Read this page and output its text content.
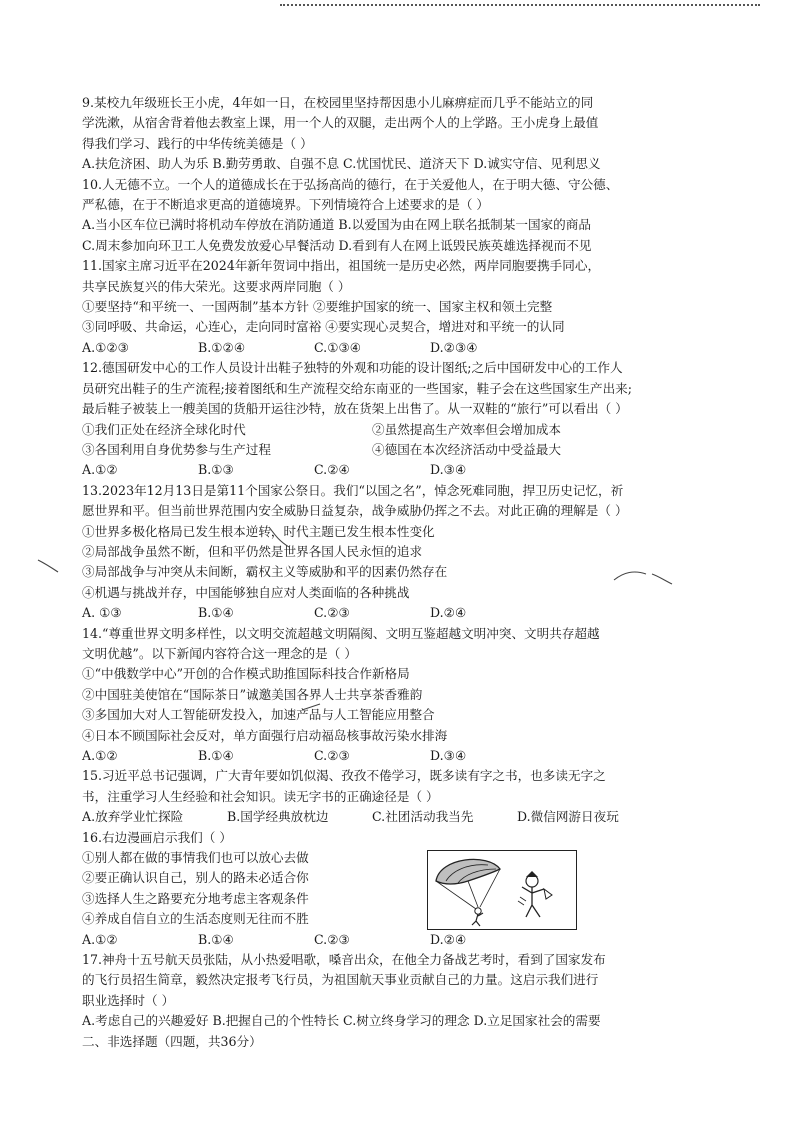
9.某校九年级班长王小虎，4年如一日，在校园里坚持帮因患小儿麻痹症而几乎不能站立的同
学洗漱，从宿舍背着他去教室上课，用一个人的双腿，走出两个人的上学路。王小虎身上最值
得我们学习、践行的中华传统美德是（ ）
A.扶危济困、助人为乐 B.勤劳勇敢、自强不息 C.忧国忧民、道济天下 D.诚实守信、见利思义
10.人无德不立。一个人的道德成长在于弘扬高尚的德行，在于关爱他人，在于明大德、守公德、
严私德，在于不断追求更高的道德境界。下列情境符合上述要求的是（ ）
A.当小区车位已满时将机动车停放在消防通道 B.以爱国为由在网上联名抵制某一国家的商品
C.周末参加向环卫工人免费发放爱心早餐活动 D.看到有人在网上诋毁民族英雄选择视而不见
11.国家主席习近平在2024年新年贺词中指出，祖国统一是历史必然，两岸同胞要携手同心，
共享民族复兴的伟大荣光。这要求两岸同胞（ ）
①要坚持“和平统一、一国两制”基本方针 ②要维护国家的统一、国家主权和领土完整
③同呼吸、共命运，心连心，走向同时富裕 ④要实现心灵契合，增进对和平统一的认同
A.①②③	B.①②④	C.①③④	D.②③④
12.德国研发中心的工作人员设计出鞋子独特的外观和功能的设计图纸;之后中国研发中心的工作人
员研究出鞋子的生产流程;接着图纸和生产流程交给东南亚的一些国家，鞋子会在这些国家生产出来;
最后鞋子被装上一艘美国的货船开运往沙特，放在货架上出售了。从一双鞋的“旅行”可以看出（ ）
①我们正处在经济全球化时代	②虽然提高生产效率但会增加成本
③各国利用自身优势参与生产过程	④德国在本次经济活动中受益最大
A.①②	B.①③	C.②④	D.③④
13.2023年12月13日是第11个国家公祭日。我们“以国之名”，悼念死难同胞，捍卫历史记忆，祈
愿世界和平。但当前世界范围内安全威胁日益复杂，战争威胁仍挥之不去。对此正确的理解是（ ）
①世界多极化格局已发生根本逆转，时代主题已发生根本性变化
②局部战争虽然不断，但和平仍然是世界各国人民永恒的追求
③局部战争与冲突从未间断，霸权主义等威胁和平的因素仍然存在
④机遇与挑战并存，中国能够独自应对人类面临的各种挑战
A. ①③	B.①④	C.②③	D.②④
14.“尊重世界文明多样性，以文明交流超越文明隔阂、文明互鉴超越文明冲突、文明共存超越
文明优越”。以下新闻内容符合这一理念的是（ ）
①“中俄数学中心”开创的合作模式助推国际科技合作新格局
②中国驻美使馆在“国际茶日”诚邀美国各界人士共享茶香雅韵
③多国加大对人工智能研发投入，加速产品与人工智能应用整合
④日本不顾国际社会反对，单方面强行启动福岛核事故污染水排海
A.①②	B.①④	C.②③	D.③④
15.习近平总书记强调，广大青年要如饥似渴、孜孜不倦学习，既多读有字之书，也多读无字之
书，注重学习人生经验和社会知识。读无字书的正确途径是（ ）
A.放弃学业忙探险	B.国学经典放枕边	C.社团活动我当先	D.微信网游日夜玩
16.右边漫画启示我们（ ）
①别人都在做的事情我们也可以放心去做
②要正确认识自己，别人的路未必适合你
③选择人生之路要充分地考虑主客观条件
④养成自信自立的生活态度则无往而不胜
A.①②	B.①④	C.②③	D.②④
17.神舟十五号航天员张陆，从小热爱唱歌，嗓音出众，在他全力备战艺考时，看到了国家发布
的飞行员招生简章，毅然决定报考飞行员，为祖国航天事业贡献自己的力量。这启示我们进行
职业选择时（ ）
A.考虑自己的兴趣爱好 B.把握自己的个性特长 C.树立终身学习的理念 D.立足国家社会的需要
二、非选择题（四题，共36分）
